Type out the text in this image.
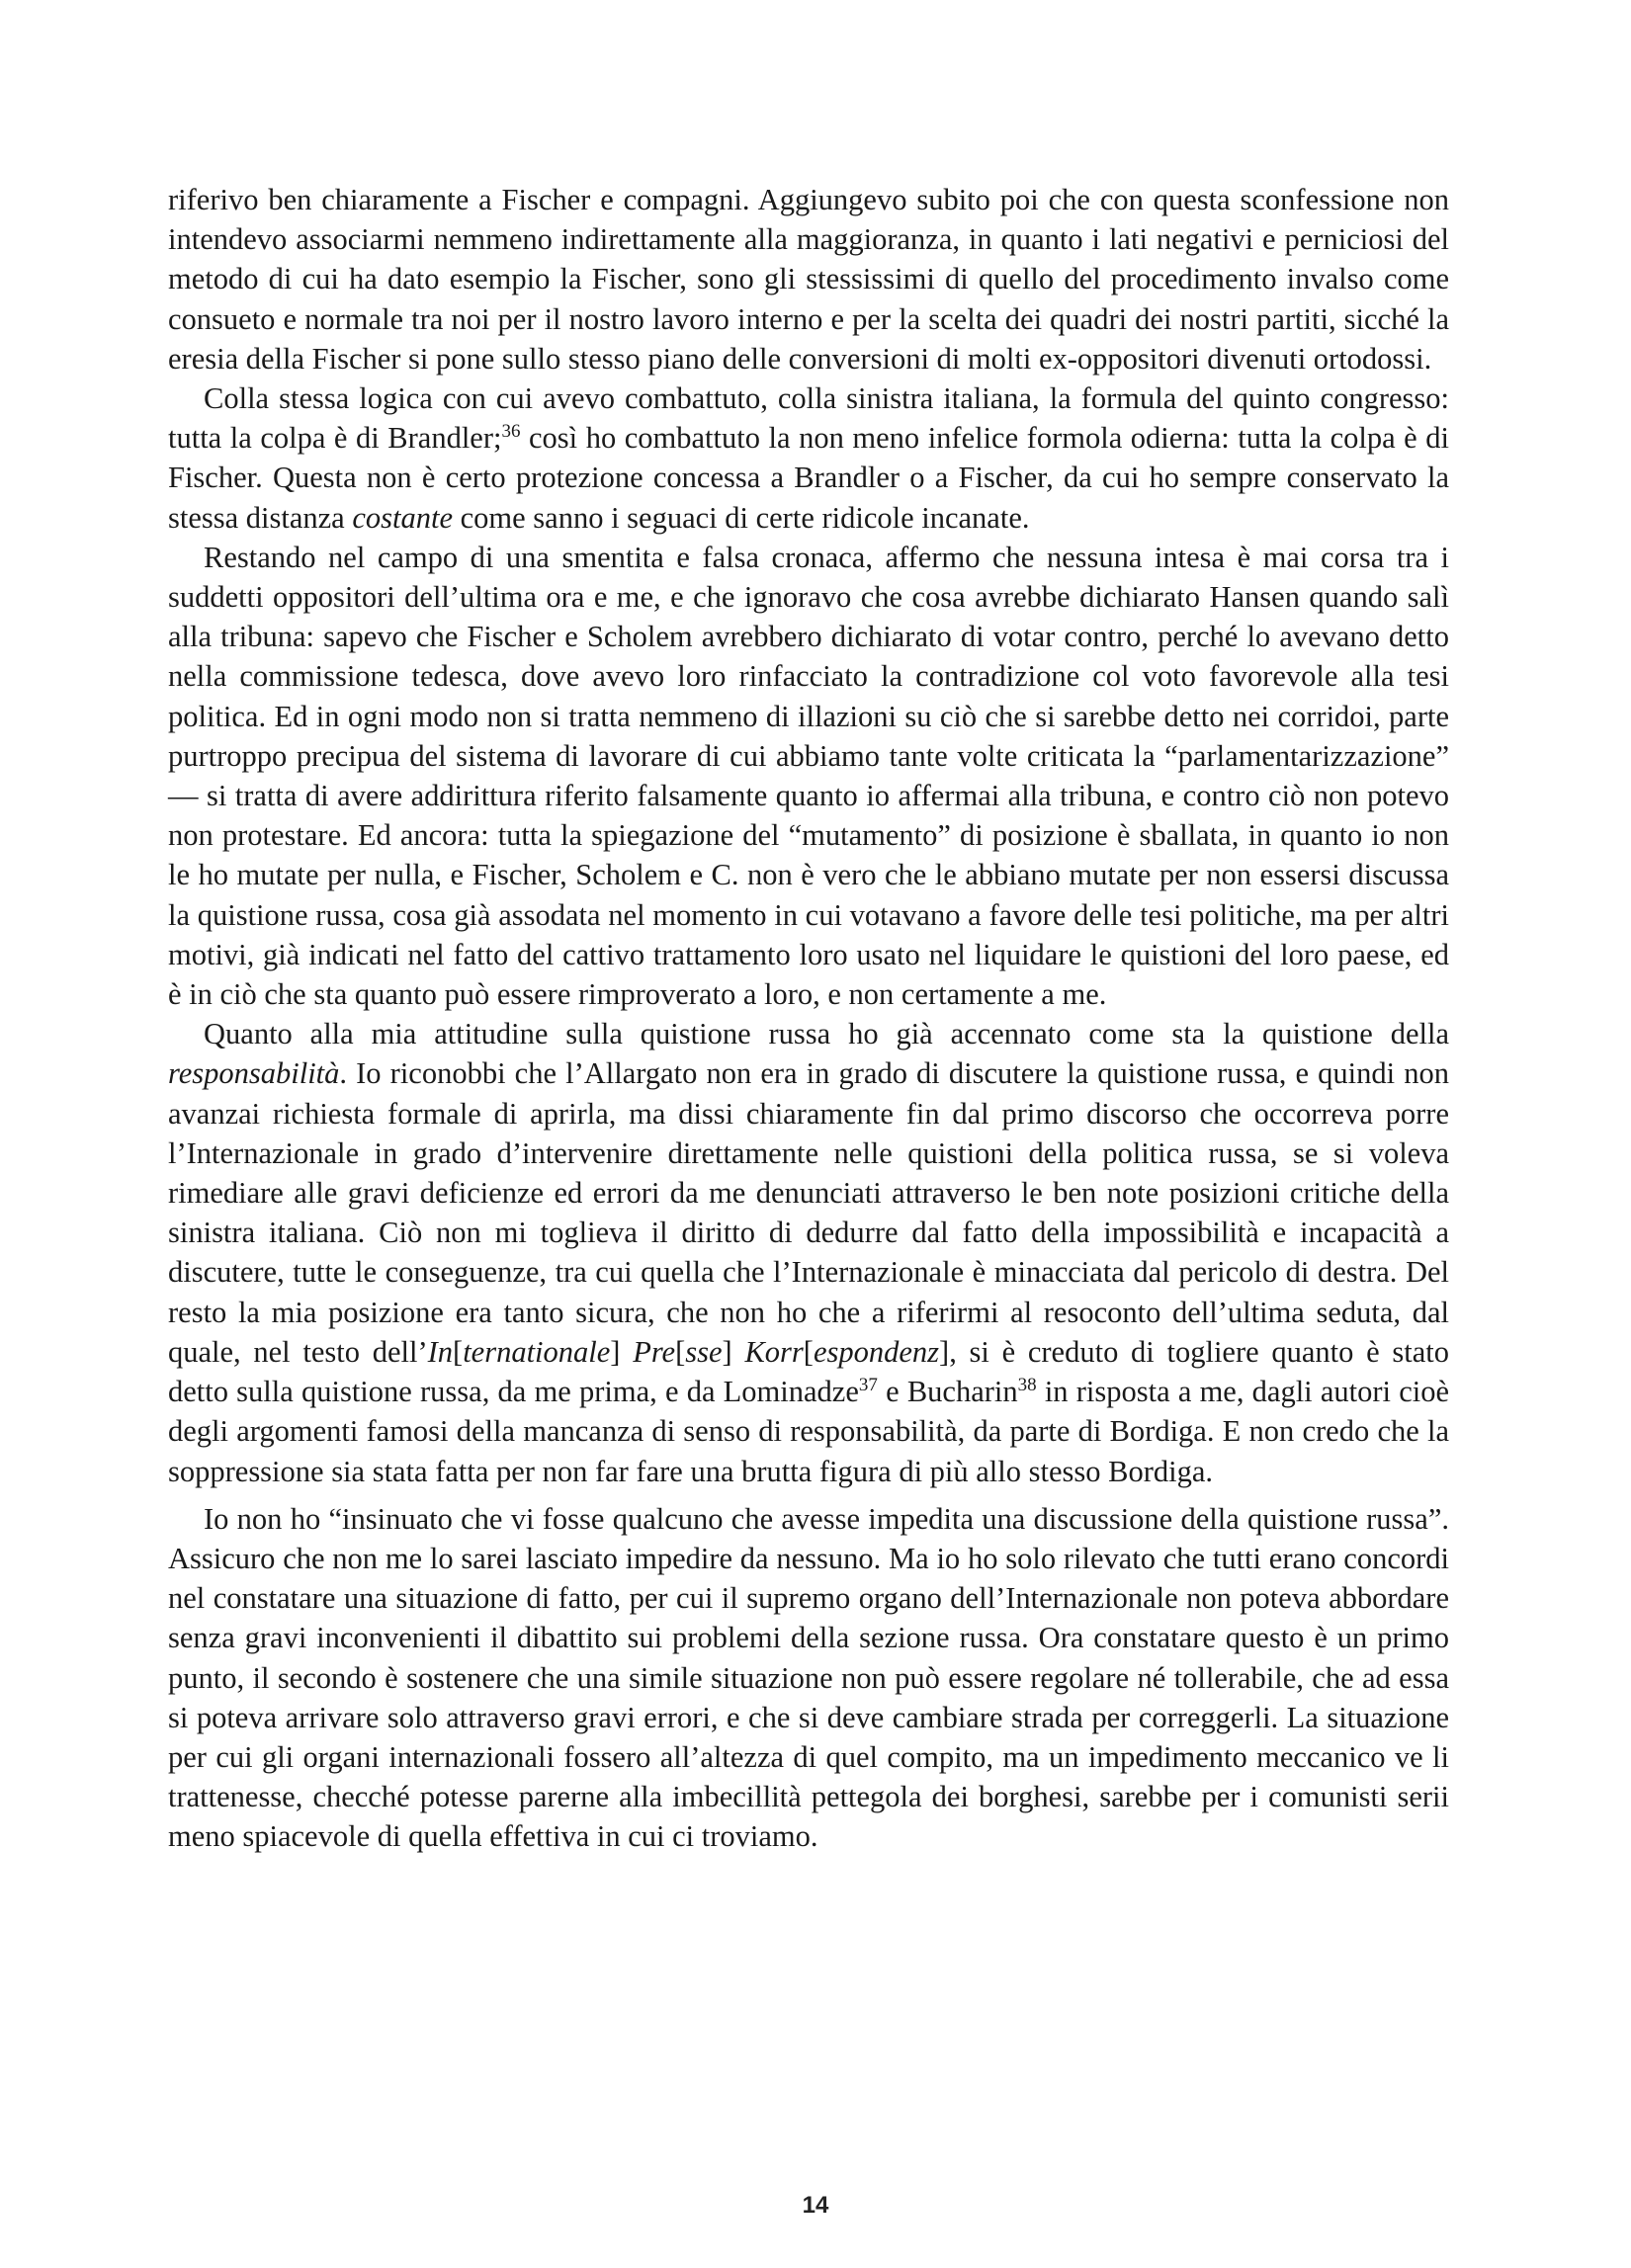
riferivo ben chiaramente a Fischer e compagni. Aggiungevo subito poi che con questa sconfessione non intendevo associarmi nemmeno indirettamente alla maggioranza, in quanto i lati negativi e perniciosi del metodo di cui ha dato esempio la Fischer, sono gli stessissimi di quello del procedimento invalso come consueto e normale tra noi per il nostro lavoro interno e per la scelta dei quadri dei nostri partiti, sicché la eresia della Fischer si pone sullo stesso piano delle conversioni di molti ex-oppositori divenuti ortodossi.

Colla stessa logica con cui avevo combattuto, colla sinistra italiana, la formula del quinto congresso: tutta la colpa è di Brandler;$^{36}$ così ho combattuto la non meno infelice formola odierna: tutta la colpa è di Fischer. Questa non è certo protezione concessa a Brandler o a Fischer, da cui ho sempre conservato la stessa distanza costante come sanno i seguaci di certe ridicole incanate.

Restando nel campo di una smentita e falsa cronaca, affermo che nessuna intesa è mai corsa tra i suddetti oppositori dell’ultima ora e me, e che ignoravo che cosa avrebbe dichiarato Hansen quando salì alla tribuna: sapevo che Fischer e Scholem avrebbero dichiarato di votar contro, perché lo avevano detto nella commissione tedesca, dove avevo loro rinfacciato la contradizione col voto favorevole alla tesi politica. Ed in ogni modo non si tratta nemmeno di illazioni su ciò che si sarebbe detto nei corridoi, parte purtroppo precipua del sistema di lavorare di cui abbiamo tante volte criticata la “parlamentarizzazione” — si tratta di avere addirittura riferito falsamente quanto io affermai alla tribuna, e contro ciò non potevo non protestare. Ed ancora: tutta la spiegazione del “mutamento” di posizione è sballata, in quanto io non le ho mutate per nulla, e Fischer, Scholem e C. non è vero che le abbiano mutate per non essersi discussa la quistione russa, cosa già assodata nel momento in cui votavano a favore delle tesi politiche, ma per altri motivi, già indicati nel fatto del cattivo trattamento loro usato nel liquidare le quistioni del loro paese, ed è in ciò che sta quanto può essere rimproverato a loro, e non certamente a me.

Quanto alla mia attitudine sulla quistione russa ho già accennato come sta la quistione della responsabilità. Io riconobbi che l’Allargato non era in grado di discutere la quistione russa, e quindi non avanzai richiesta formale di aprirla, ma dissi chiaramente fin dal primo discorso che occorreva porre l’Internazionale in grado d’intervenire direttamente nelle quistioni della politica russa, se si voleva rimediare alle gravi deficienze ed errori da me denunciati attraverso le ben note posizioni critiche della sinistra italiana. Ciò non mi toglieva il diritto di dedurre dal fatto della impossibilità e incapacità a discutere, tutte le conseguenze, tra cui quella che l’Internazionale è minacciata dal pericolo di destra. Del resto la mia posizione era tanto sicura, che non ho che a riferirmi al resoconto dell’ultima seduta, dal quale, nel testo dell’In[ternationale] Pre[sse] Korr[espondenz], si è creduto di togliere quanto è stato detto sulla quistione russa, da me prima, e da Lominadze$^{37}$ e Bucharin$^{38}$ in risposta a me, dagli autori cioè degli argomenti famosi della mancanza di senso di responsabilità, da parte di Bordiga. E non credo che la soppressione sia stata fatta per non far fare una brutta figura di più allo stesso Bordiga.

Io non ho “insinuato che vi fosse qualcuno che avesse impedita una discussione della quistione russa”. Assicuro che non me lo sarei lasciato impedire da nessuno. Ma io ho solo rilevato che tutti erano concordi nel constatare una situazione di fatto, per cui il supremo organo dell’Internazionale non poteva abbordare senza gravi inconvenienti il dibattito sui problemi della sezione russa. Ora constatare questo è un primo punto, il secondo è sostenere che una simile situazione non può essere regolare né tollerabile, che ad essa si poteva arrivare solo attraverso gravi errori, e che si deve cambiare strada per correggerli. La situazione per cui gli organi internazionali fossero all’altezza di quel compito, ma un impedimento meccanico ve li trattenesse, checché potesse parerne alla imbecillità pettegola dei borghesi, sarebbe per i comunisti serii meno spiacevole di quella effettiva in cui ci troviamo.

14
